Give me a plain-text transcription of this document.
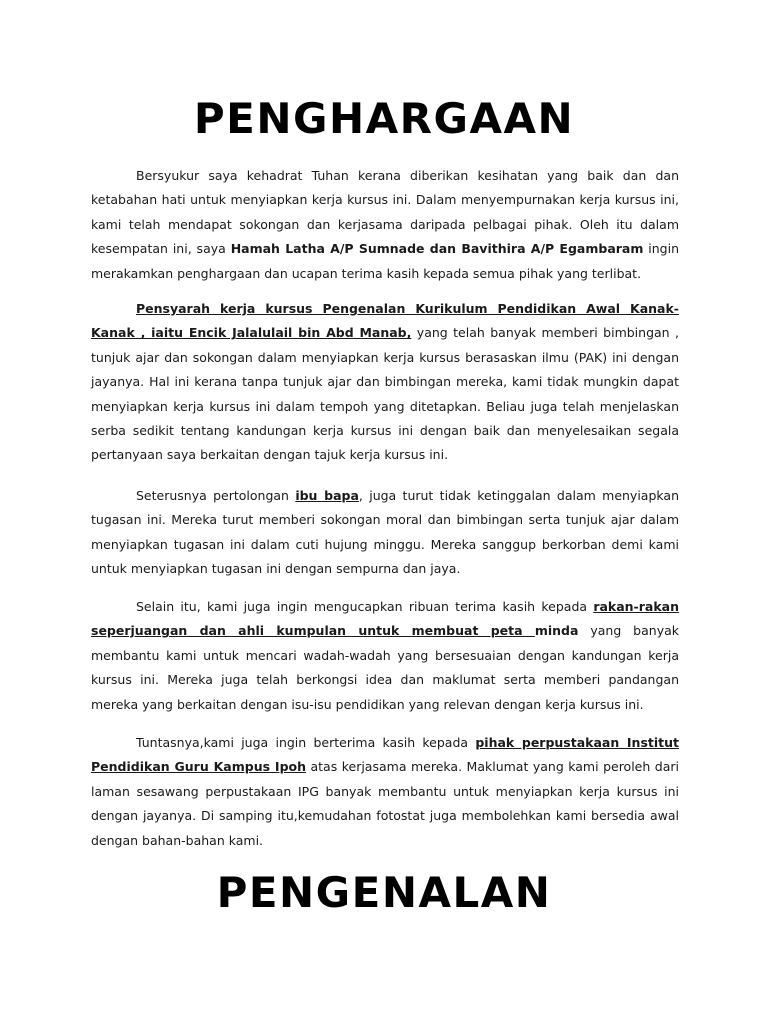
PENGHARGAAN

Bersyukur saya kehadrat Tuhan kerana diberikan kesihatan yang baik dan dan ketabahan hati untuk menyiapkan kerja kursus ini. Dalam menyempurnakan kerja kursus ini, kami telah mendapat sokongan dan kerjasama daripada pelbagai pihak. Oleh itu dalam kesempatan ini, saya Hamah Latha A/P Sumnade dan Bavithira A/P Egambaram ingin merakamkan penghargaan dan ucapan terima kasih kepada semua pihak yang terlibat.

Pensyarah kerja kursus Pengenalan Kurikulum Pendidikan Awal Kanak-Kanak , iaitu Encik Jalalulail bin Abd Manab, yang telah banyak memberi bimbingan , tunjuk ajar dan sokongan dalam menyiapkan kerja kursus berasaskan ilmu (PAK) ini dengan jayanya. Hal ini kerana tanpa tunjuk ajar dan bimbingan mereka, kami tidak mungkin dapat menyiapkan kerja kursus ini dalam tempoh yang ditetapkan. Beliau juga telah menjelaskan serba sedikit tentang kandungan kerja kursus ini dengan baik dan menyelesaikan segala pertanyaan saya berkaitan dengan tajuk kerja kursus ini.

Seterusnya pertolongan ibu bapa, juga turut tidak ketinggalan dalam menyiapkan tugasan ini. Mereka turut memberi sokongan moral dan bimbingan serta tunjuk ajar dalam menyiapkan tugasan ini dalam cuti hujung minggu. Mereka sanggup berkorban demi kami untuk menyiapkan tugasan ini dengan sempurna dan jaya.

Selain itu, kami juga ingin mengucapkan ribuan terima kasih kepada rakan-rakan seperjuangan dan ahli kumpulan untuk membuat peta minda yang banyak membantu kami untuk mencari wadah-wadah yang bersesuaian dengan kandungan kerja kursus ini. Mereka juga telah berkongsi idea dan maklumat serta memberi pandangan mereka yang berkaitan dengan isu-isu pendidikan yang relevan dengan kerja kursus ini.

Tuntasnya,kami juga ingin berterima kasih kepada pihak perpustakaan Institut Pendidikan Guru Kampus Ipoh atas kerjasama mereka. Maklumat yang kami peroleh dari laman sesawang perpustakaan IPG banyak membantu untuk menyiapkan kerja kursus ini dengan jayanya. Di samping itu,kemudahan fotostat juga membolehkan kami bersedia awal dengan bahan-bahan kami.

PENGENALAN
